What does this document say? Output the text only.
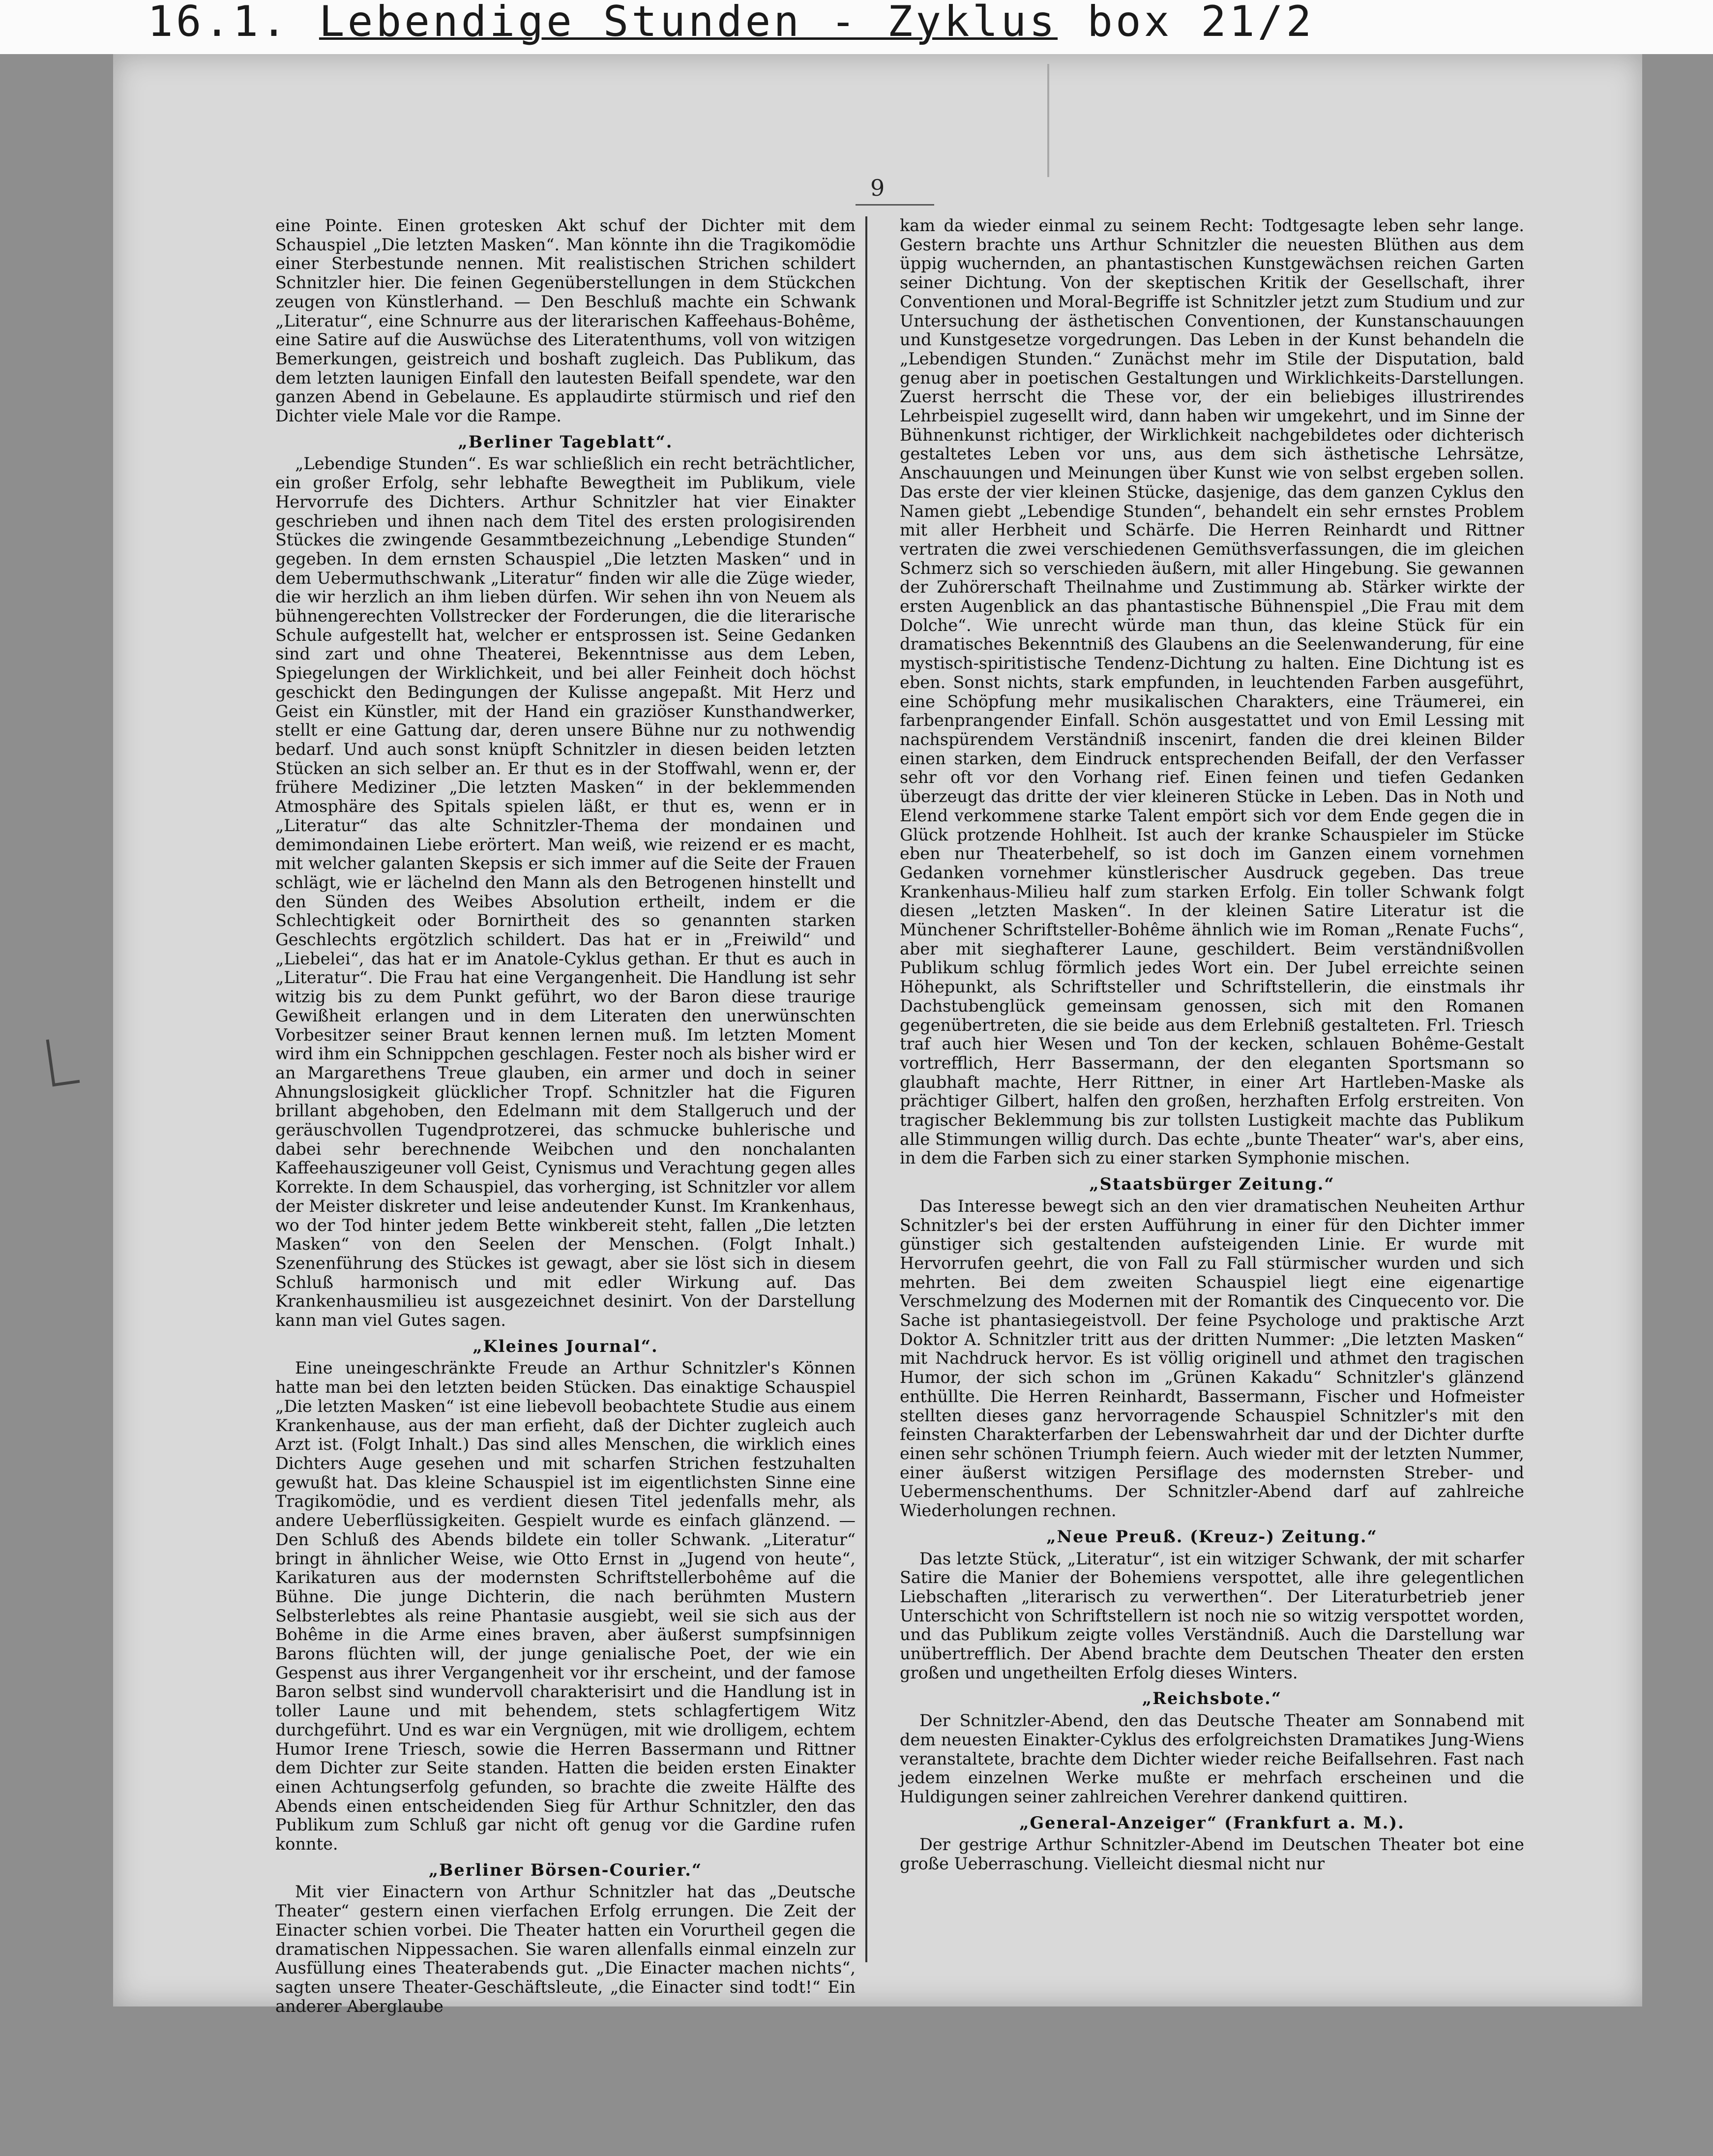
16.1. Lebendige Stunden - Zyklus box 21/2
9

eine Pointe. Einen grotesken Akt schuf der Dichter mit dem Schauspiel „Die letzten Masken“. Man könnte ihn die Tragikomödie einer Sterbestunde nennen. Mit realistischen Strichen schildert Schnitzler hier. Die feinen Gegenüberstellungen in dem Stückchen zeugen von Künstlerhand. — Den Beschluß machte ein Schwank „Literatur“, eine Schnurre aus der literarischen Kaffeehaus-Bohême, eine Satire auf die Auswüchse des Literatenthums, voll von witzigen Bemerkungen, geistreich und boshaft zugleich. Das Publikum, das dem letzten launigen Einfall den lautesten Beifall spendete, war den ganzen Abend in Gebelaune. Es applaudirte stürmisch und rief den Dichter viele Male vor die Rampe.

„Berliner Tageblatt“.

„Lebendige Stunden“. Es war schließlich ein recht beträchtlicher, ein großer Erfolg, sehr lebhafte Bewegtheit im Publikum, viele Hervorrufe des Dichters. Arthur Schnitzler hat vier Einakter geschrieben und ihnen nach dem Titel des ersten prologisirenden Stückes die zwingende Gesammtbezeichnung „Lebendige Stunden“ gegeben. In dem ernsten Schauspiel „Die letzten Masken“ und in dem Uebermuthschwank „Literatur“ finden wir alle die Züge wieder, die wir herzlich an ihm lieben dürfen. Wir sehen ihn von Neuem als bühnengerechten Vollstrecker der Forderungen, die die literarische Schule aufgestellt hat, welcher er entsprossen ist. Seine Gedanken sind zart und ohne Theaterei, Bekenntnisse aus dem Leben, Spiegelungen der Wirklichkeit, und bei aller Feinheit doch höchst geschickt den Bedingungen der Kulisse angepaßt. Mit Herz und Geist ein Künstler, mit der Hand ein graziöser Kunsthandwerker, stellt er eine Gattung dar, deren unsere Bühne nur zu nothwendig bedarf. Und auch sonst knüpft Schnitzler in diesen beiden letzten Stücken an sich selber an. Er thut es in der Stoffwahl, wenn er, der frühere Mediziner „Die letzten Masken“ in der beklemmenden Atmosphäre des Spitals spielen läßt, er thut es, wenn er in „Literatur“ das alte Schnitzler-Thema der mondainen und demimondainen Liebe erörtert. Man weiß, wie reizend er es macht, mit welcher galanten Skepsis er sich immer auf die Seite der Frauen schlägt, wie er lächelnd den Mann als den Betrogenen hinstellt und den Sünden des Weibes Absolution ertheilt, indem er die Schlechtigkeit oder Bornirtheit des so genannten starken Geschlechts ergötzlich schildert. Das hat er in „Freiwild“ und „Liebelei“, das hat er im Anatole-Cyklus gethan. Er thut es auch in „Literatur“. Die Frau hat eine Vergangenheit. Die Handlung ist sehr witzig bis zu dem Punkt geführt, wo der Baron diese traurige Gewißheit erlangen und in dem Literaten den unerwünschten Vorbesitzer seiner Braut kennen lernen muß. Im letzten Moment wird ihm ein Schnippchen geschlagen. Fester noch als bisher wird er an Margarethens Treue glauben, ein armer und doch in seiner Ahnungslosigkeit glücklicher Tropf. Schnitzler hat die Figuren brillant abgehoben, den Edelmann mit dem Stallgeruch und der geräuschvollen Tugendprotzerei, das schmucke buhlerische und dabei sehr berechnende Weibchen und den nonchalanten Kaffeehauszigeuner voll Geist, Cynismus und Verachtung gegen alles Korrekte. In dem Schauspiel, das vorherging, ist Schnitzler vor allem der Meister diskreter und leise andeutender Kunst. Im Krankenhaus, wo der Tod hinter jedem Bette winkbereit steht, fallen „Die letzten Masken“ von den Seelen der Menschen. (Folgt Inhalt.) Szenenführung des Stückes ist gewagt, aber sie löst sich in diesem Schluß harmonisch und mit edler Wirkung auf. Das Krankenhausmilieu ist ausgezeichnet desinirt. Von der Darstellung kann man viel Gutes sagen.

„Kleines Journal“.

Eine uneingeschränkte Freude an Arthur Schnitzler's Können hatte man bei den letzten beiden Stücken. Das einaktige Schauspiel „Die letzten Masken“ ist eine liebevoll beobachtete Studie aus einem Krankenhause, aus der man erfieht, daß der Dichter zugleich auch Arzt ist. (Folgt Inhalt.) Das sind alles Menschen, die wirklich eines Dichters Auge gesehen und mit scharfen Strichen festzuhalten gewußt hat. Das kleine Schauspiel ist im eigentlichsten Sinne eine Tragikomödie, und es verdient diesen Titel jedenfalls mehr, als andere Ueberflüssigkeiten. Gespielt wurde es einfach glänzend. — Den Schluß des Abends bildete ein toller Schwank. „Literatur“ bringt in ähnlicher Weise, wie Otto Ernst in „Jugend von heute“, Karikaturen aus der modernsten Schriftstellerbohême auf die Bühne. Die junge Dichterin, die nach berühmten Mustern Selbsterlebtes als reine Phantasie ausgiebt, weil sie sich aus der Bohême in die Arme eines braven, aber äußerst sumpfsinnigen Barons flüchten will, der junge genialische Poet, der wie ein Gespenst aus ihrer Vergangenheit vor ihr erscheint, und der famose Baron selbst sind wundervoll charakterisirt und die Handlung ist in toller Laune und mit behendem, stets schlagfertigem Witz durchgeführt. Und es war ein Vergnügen, mit wie drolligem, echtem Humor Irene Triesch, sowie die Herren Bassermann und Rittner dem Dichter zur Seite standen. Hatten die beiden ersten Einakter einen Achtungserfolg gefunden, so brachte die zweite Hälfte des Abends einen entscheidenden Sieg für Arthur Schnitzler, den das Publikum zum Schluß gar nicht oft genug vor die Gardine rufen konnte.

„Berliner Börsen-Courier.“

Mit vier Einactern von Arthur Schnitzler hat das „Deutsche Theater“ gestern einen vierfachen Erfolg errungen. Die Zeit der Einacter schien vorbei. Die Theater hatten ein Vorurtheil gegen die dramatischen Nippessachen. Sie waren allenfalls einmal einzeln zur Ausfüllung eines Theaterabends gut. „Die Einacter machen nichts“, sagten unsere Theater-Geschäftsleute, „die Einacter sind todt!“ Ein anderer Aberglaube

kam da wieder einmal zu seinem Recht: Todtgesagte leben sehr lange. Gestern brachte uns Arthur Schnitzler die neuesten Blüthen aus dem üppig wuchernden, an phantastischen Kunstgewächsen reichen Garten seiner Dichtung. Von der skeptischen Kritik der Gesellschaft, ihrer Conventionen und Moral-Begriffe ist Schnitzler jetzt zum Studium und zur Untersuchung der ästhetischen Conventionen, der Kunstanschauungen und Kunstgesetze vorgedrungen. Das Leben in der Kunst behandeln die „Lebendigen Stunden.“ Zunächst mehr im Stile der Disputation, bald genug aber in poetischen Gestaltungen und Wirklichkeits-Darstellungen. Zuerst herrscht die These vor, der ein beliebiges illustrirendes Lehrbeispiel zugesellt wird, dann haben wir umgekehrt, und im Sinne der Bühnenkunst richtiger, der Wirklichkeit nachgebildetes oder dichterisch gestaltetes Leben vor uns, aus dem sich ästhetische Lehrsätze, Anschauungen und Meinungen über Kunst wie von selbst ergeben sollen. Das erste der vier kleinen Stücke, dasjenige, das dem ganzen Cyklus den Namen giebt „Lebendige Stunden“, behandelt ein sehr ernstes Problem mit aller Herbheit und Schärfe. Die Herren Reinhardt und Rittner vertraten die zwei verschiedenen Gemüthsverfassungen, die im gleichen Schmerz sich so verschieden äußern, mit aller Hingebung. Sie gewannen der Zuhörerschaft Theilnahme und Zustimmung ab. Stärker wirkte der ersten Augenblick an das phantastische Bühnenspiel „Die Frau mit dem Dolche“. Wie unrecht würde man thun, das kleine Stück für ein dramatisches Bekenntniß des Glaubens an die Seelenwanderung, für eine mystisch-spiritistische Tendenz-Dichtung zu halten. Eine Dichtung ist es eben. Sonst nichts, stark empfunden, in leuchtenden Farben ausgeführt, eine Schöpfung mehr musikalischen Charakters, eine Träumerei, ein farbenprangender Einfall. Schön ausgestattet und von Emil Lessing mit nachspürendem Verständniß inscenirt, fanden die drei kleinen Bilder einen starken, dem Eindruck entsprechenden Beifall, der den Verfasser sehr oft vor den Vorhang rief. Einen feinen und tiefen Gedanken überzeugt das dritte der vier kleineren Stücke in Leben. Das in Noth und Elend verkommene starke Talent empört sich vor dem Ende gegen die in Glück protzende Hohlheit. Ist auch der kranke Schauspieler im Stücke eben nur Theaterbehelf, so ist doch im Ganzen einem vornehmen Gedanken vornehmer künstlerischer Ausdruck gegeben. Das treue Krankenhaus-Milieu half zum starken Erfolg. Ein toller Schwank folgt diesen „letzten Masken“. In der kleinen Satire Literatur ist die Münchener Schriftsteller-Bohême ähnlich wie im Roman „Renate Fuchs“, aber mit sieghafterer Laune, geschildert. Beim verständnißvollen Publikum schlug förmlich jedes Wort ein. Der Jubel erreichte seinen Höhepunkt, als Schriftsteller und Schriftstellerin, die einstmals ihr Dachstubenglück gemeinsam genossen, sich mit den Romanen gegenübertreten, die sie beide aus dem Erlebniß gestalteten. Frl. Triesch traf auch hier Wesen und Ton der kecken, schlauen Bohême-Gestalt vortrefflich, Herr Bassermann, der den eleganten Sportsmann so glaubhaft machte, Herr Rittner, in einer Art Hartleben-Maske als prächtiger Gilbert, halfen den großen, herzhaften Erfolg erstreiten. Von tragischer Beklemmung bis zur tollsten Lustigkeit machte das Publikum alle Stimmungen willig durch. Das echte „bunte Theater“ war's, aber eins, in dem die Farben sich zu einer starken Symphonie mischen.

„Staatsbürger Zeitung.“

Das Interesse bewegt sich an den vier dramatischen Neuheiten Arthur Schnitzler's bei der ersten Aufführung in einer für den Dichter immer günstiger sich gestaltenden aufsteigenden Linie. Er wurde mit Hervorrufen geehrt, die von Fall zu Fall stürmischer wurden und sich mehrten. Bei dem zweiten Schauspiel liegt eine eigenartige Verschmelzung des Modernen mit der Romantik des Cinquecento vor. Die Sache ist phantasiegeistvoll. Der feine Psychologe und praktische Arzt Doktor A. Schnitzler tritt aus der dritten Nummer: „Die letzten Masken“ mit Nachdruck hervor. Es ist völlig originell und athmet den tragischen Humor, der sich schon im „Grünen Kakadu“ Schnitzler's glänzend enthüllte. Die Herren Reinhardt, Bassermann, Fischer und Hofmeister stellten dieses ganz hervorragende Schauspiel Schnitzler's mit den feinsten Charakterfarben der Lebenswahrheit dar und der Dichter durfte einen sehr schönen Triumph feiern. Auch wieder mit der letzten Nummer, einer äußerst witzigen Persiflage des modernsten Streber- und Uebermenschenthums. Der Schnitzler-Abend darf auf zahlreiche Wiederholungen rechnen.

„Neue Preuß. (Kreuz-) Zeitung.“

Das letzte Stück, „Literatur“, ist ein witziger Schwank, der mit scharfer Satire die Manier der Bohemiens verspottet, alle ihre gelegentlichen Liebschaften „literarisch zu verwerthen“. Der Literaturbetrieb jener Unterschicht von Schriftstellern ist noch nie so witzig verspottet worden, und das Publikum zeigte volles Verständniß. Auch die Darstellung war unübertrefflich. Der Abend brachte dem Deutschen Theater den ersten großen und ungetheilten Erfolg dieses Winters.

„Reichsbote.“

Der Schnitzler-Abend, den das Deutsche Theater am Sonnabend mit dem neuesten Einakter-Cyklus des erfolgreichsten Dramatikes Jung-Wiens veranstaltete, brachte dem Dichter wieder reiche Beifallsehren. Fast nach jedem einzelnen Werke mußte er mehrfach erscheinen und die Huldigungen seiner zahlreichen Verehrer dankend quittiren.

„General-Anzeiger“ (Frankfurt a. M.).

Der gestrige Arthur Schnitzler-Abend im Deutschen Theater bot eine große Ueberraschung. Vielleicht diesmal nicht nur
